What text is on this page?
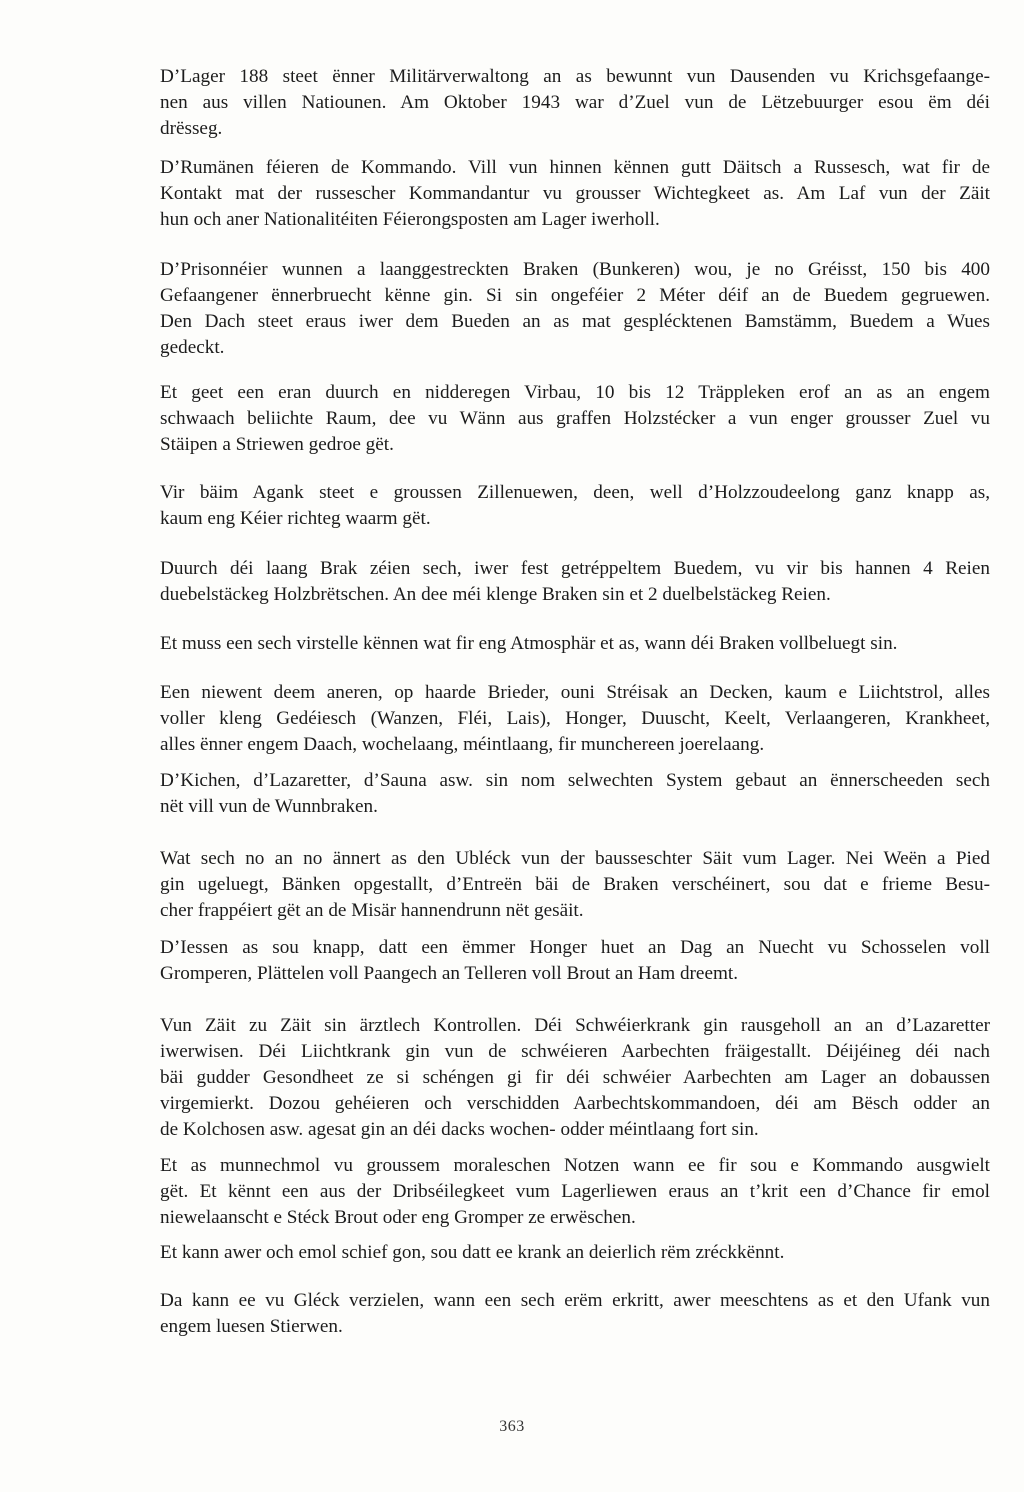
D’Lager 188 steet ënner Militärverwaltong an as bewunnt vun Dausenden vu Krichsgefaange-
nen aus villen Natiounen. Am Oktober 1943 war d’Zuel vun de Lëtzebuurger esou ëm déi
drësseg.

D’Rumänen féieren de Kommando. Vill vun hinnen kënnen gutt Däitsch a Russesch, wat fir de
Kontakt mat der russescher Kommandantur vu grousser Wichtegkeet as. Am Laf vun der Zäit
hun och aner Nationalitéiten Féierongsposten am Lager iwerholl.

D’Prisonnéier wunnen a laanggestreckten Braken (Bunkeren) wou, je no Gréisst, 150 bis 400
Gefaangener ënnerbruecht kënne gin. Si sin ongeféier 2 Méter déif an de Buedem gegruewen.
Den Dach steet eraus iwer dem Bueden an as mat gesplécktenen Bamstämm, Buedem a Wues
gedeckt.

Et geet een eran duurch en nidderegen Virbau, 10 bis 12 Träppleken erof an as an engem
schwaach beliichte Raum, dee vu Wänn aus graffen Holzstécker a vun enger grousser Zuel vu
Stäipen a Striewen gedroe gët.

Vir bäim Agank steet e groussen Zillenuewen, deen, well d’Holzzoudeelong ganz knapp as,
kaum eng Kéier richteg waarm gët.

Duurch déi laang Brak zéien sech, iwer fest getréppeltem Buedem, vu vir bis hannen 4 Reien
duebelstäckeg Holzbrëtschen. An dee méi klenge Braken sin et 2 duelbelstäckeg Reien.

Et muss een sech virstelle kënnen wat fir eng Atmosphär et as, wann déi Braken vollbeluegt sin.

Een niewent deem aneren, op haarde Brieder, ouni Stréisak an Decken, kaum e Liichtstrol, alles
voller kleng Gedéiesch (Wanzen, Fléi, Lais), Honger, Duuscht, Keelt, Verlaangeren, Krankheet,
alles ënner engem Daach, wochelaang, méintlaang, fir munchereen joerelaang.

D’Kichen, d’Lazaretter, d’Sauna asw. sin nom selwechten System gebaut an ënnerscheeden sech
nët vill vun de Wunnbraken.

Wat sech no an no ännert as den Ubléck vun der bausseschter Säit vum Lager. Nei Weën a Pied
gin ugeluegt, Bänken opgestallt, d’Entreën bäi de Braken verschéinert, sou dat e frieme Besu-
cher frappéiert gët an de Misär hannendrunn nët gesäit.

D’Iessen as sou knapp, datt een ëmmer Honger huet an Dag an Nuecht vu Schosselen voll
Gromperen, Plättelen voll Paangech an Telleren voll Brout an Ham dreemt.

Vun Zäit zu Zäit sin ärztlech Kontrollen. Déi Schwéierkrank gin rausgeholl an an d’Lazaretter
iwerwisen. Déi Liichtkrank gin vun de schwéieren Aarbechten fräigestallt. Déijéineg déi nach
bäi gudder Gesondheet ze si schéngen gi fir déi schwéier Aarbechten am Lager an dobaussen
virgemierkt. Dozou gehéieren och verschidden Aarbechtskommandoen, déi am Bësch odder an
de Kolchosen asw. agesat gin an déi dacks wochen- odder méintlaang fort sin.

Et as munnechmol vu groussem moraleschen Notzen wann ee fir sou e Kommando ausgwielt
gët. Et kënnt een aus der Dribséilegkeet vum Lagerliewen eraus an t’krit een d’Chance fir emol
niewelaanscht e Stéck Brout oder eng Gromper ze erwëschen.

Et kann awer och emol schief gon, sou datt ee krank an deierlich rëm zréckkënnt.

Da kann ee vu Gléck verzielen, wann een sech erëm erkritt, awer meeschtens as et den Ufank vun
engem luesen Stierwen.

363
